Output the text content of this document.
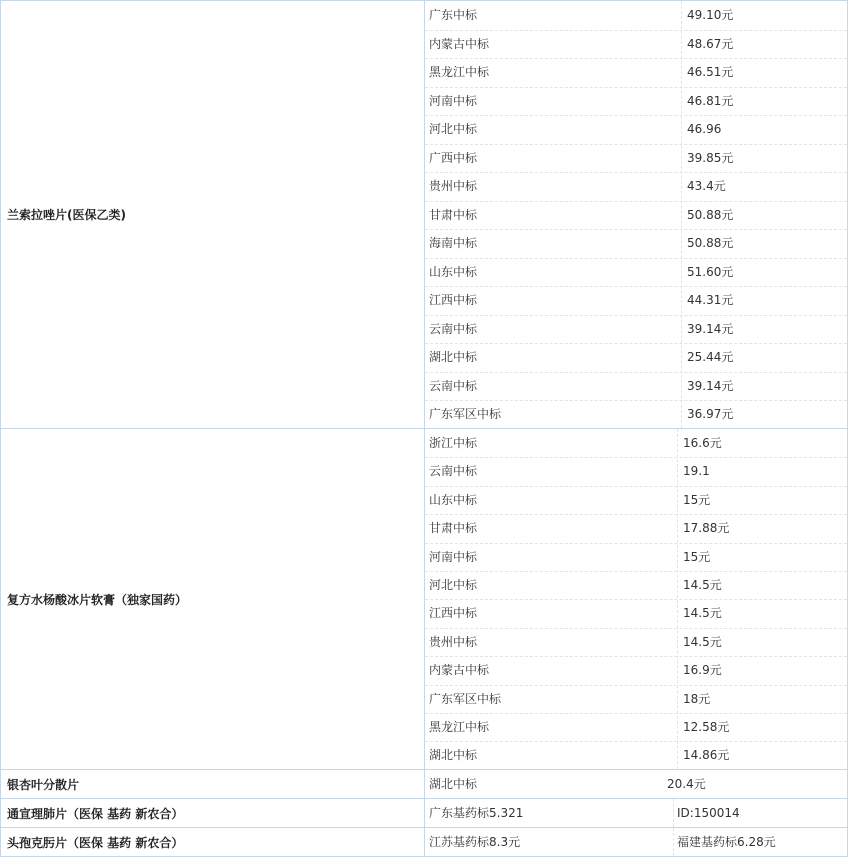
兰索拉唑片(医保乙类)
广东中标	49.10元
内蒙古中标	48.67元
黑龙江中标	46.51元
河南中标	46.81元
河北中标	46.96
广西中标	39.85元
贵州中标	43.4元
甘肃中标	50.88元
海南中标	50.88元
山东中标	51.60元
江西中标	44.31元
云南中标	39.14元
湖北中标	25.44元
云南中标	39.14元
广东军区中标	36.97元
复方水杨酸冰片软膏（独家国药）
浙江中标	16.6元
云南中标	19.1
山东中标	15元
甘肃中标	17.88元
河南中标	15元
河北中标	14.5元
江西中标	14.5元
贵州中标	14.5元
内蒙古中标	16.9元
广东军区中标	18元
黑龙江中标	12.58元
湖北中标	14.86元
银杏叶分散片	湖北中标	20.4元
通宣理肺片（医保 基药 新农合）	广东基药标5.321	ID:150014
头孢克肟片（医保 基药 新农合）	江苏基药标8.3元	福建基药标6.28元
